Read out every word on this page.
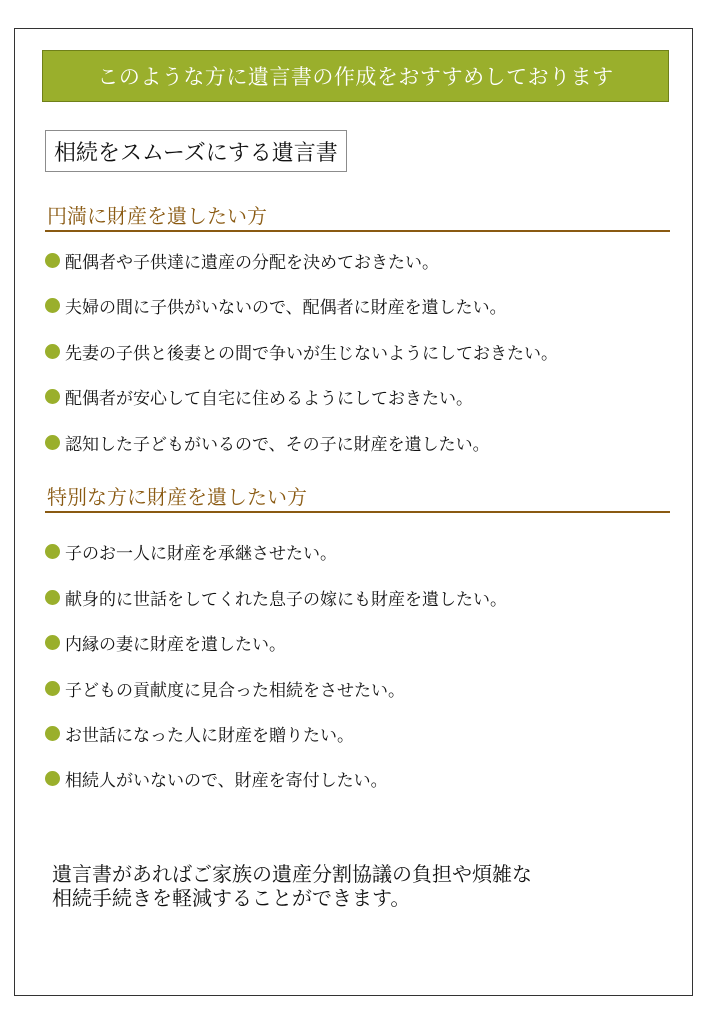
このような方に遺言書の作成をおすすめしております
相続をスムーズにする遺言書
円満に財産を遺したい方
配偶者や子供達に遺産の分配を決めておきたい。
夫婦の間に子供がいないので、配偶者に財産を遺したい。
先妻の子供と後妻との間で争いが生じないようにしておきたい。
配偶者が安心して自宅に住めるようにしておきたい。
認知した子どもがいるので、その子に財産を遺したい。
特別な方に財産を遺したい方
子のお一人に財産を承継させたい。
献身的に世話をしてくれた息子の嫁にも財産を遺したい。
内縁の妻に財産を遺したい。
子どもの貢献度に見合った相続をさせたい。
お世話になった人に財産を贈りたい。
相続人がいないので、財産を寄付したい。
遺言書があればご家族の遺産分割協議の負担や煩雑な
相続手続きを軽減することができます。
